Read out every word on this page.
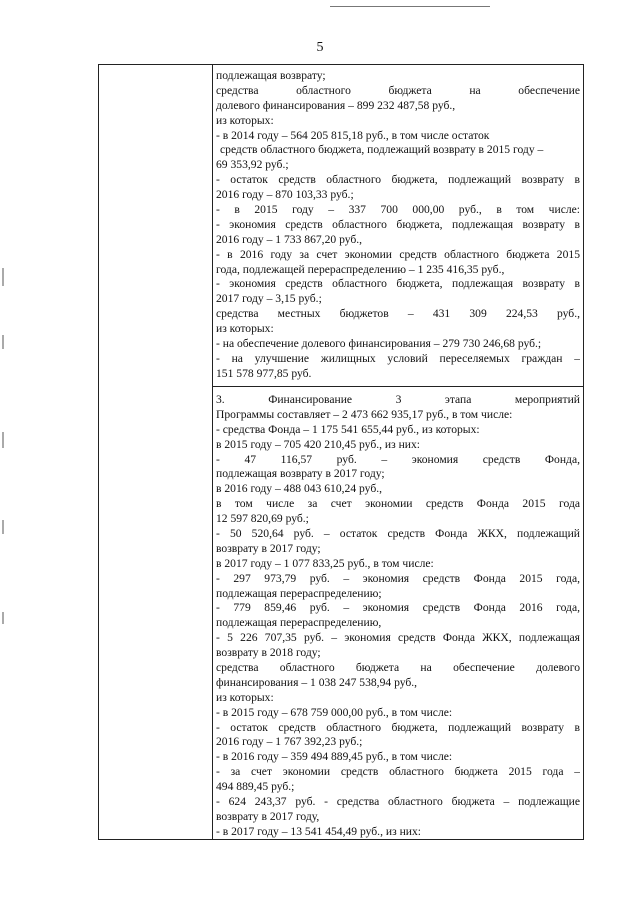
5
подлежащая возврату;
средства областного бюджета на обеспечение
долевого финансирования – 899 232 487,58 руб.,
из которых:
- в 2014 году – 564 205 815,18 руб., в том числе остаток
средств областного бюджета, подлежащий возврату в 2015 году –
69 353,92 руб.;
- остаток средств областного бюджета, подлежащий возврату в
2016 году – 870 103,33 руб.;
- в 2015 году – 337 700 000,00 руб., в том числе:
- экономия средств областного бюджета, подлежащая возврату в
2016 году – 1 733 867,20 руб.,
- в 2016 году за счет экономии средств областного бюджета 2015
года, подлежащей перераспределению – 1 235 416,35 руб.,
- экономия средств областного бюджета, подлежащая возврату в
2017 году – 3,15 руб.;
средства местных бюджетов – 431 309 224,53 руб.,
из которых:
- на обеспечение долевого финансирования – 279 730 246,68 руб.;
- на улучшение жилищных условий переселяемых граждан –
151 578 977,85 руб.
3. Финансирование 3 этапа мероприятий
Программы составляет – 2 473 662 935,17 руб., в том числе:
- средства Фонда – 1 175 541 655,44 руб., из которых:
в 2015 году – 705 420 210,45 руб., из них:
- 47 116,57 руб. – экономия средств Фонда,
подлежащая возврату в 2017 году;
в 2016 году – 488 043 610,24 руб.,
в том числе за счет экономии средств Фонда 2015 года
12 597 820,69 руб.;
- 50 520,64 руб. – остаток средств Фонда ЖКХ, подлежащий
возврату в 2017 году;
в 2017 году – 1 077 833,25 руб., в том числе:
- 297 973,79 руб. – экономия средств Фонда 2015 года,
подлежащая перераспределению;
- 779 859,46 руб. – экономия средств Фонда 2016 года,
подлежащая перераспределению,
- 5 226 707,35 руб. – экономия средств Фонда ЖКХ, подлежащая
возврату в 2018 году;
средства областного бюджета на обеспечение долевого
финансирования – 1 038 247 538,94 руб.,
из которых:
- в 2015 году – 678 759 000,00 руб., в том числе:
- остаток средств областного бюджета, подлежащий возврату в
2016 году – 1 767 392,23 руб.;
- в 2016 году – 359 494 889,45 руб., в том числе:
- за счет экономии средств областного бюджета 2015 года –
494 889,45 руб.;
- 624 243,37 руб. - средства областного бюджета – подлежащие
возврату в 2017 году,
- в 2017 году – 13 541 454,49 руб., из них:
